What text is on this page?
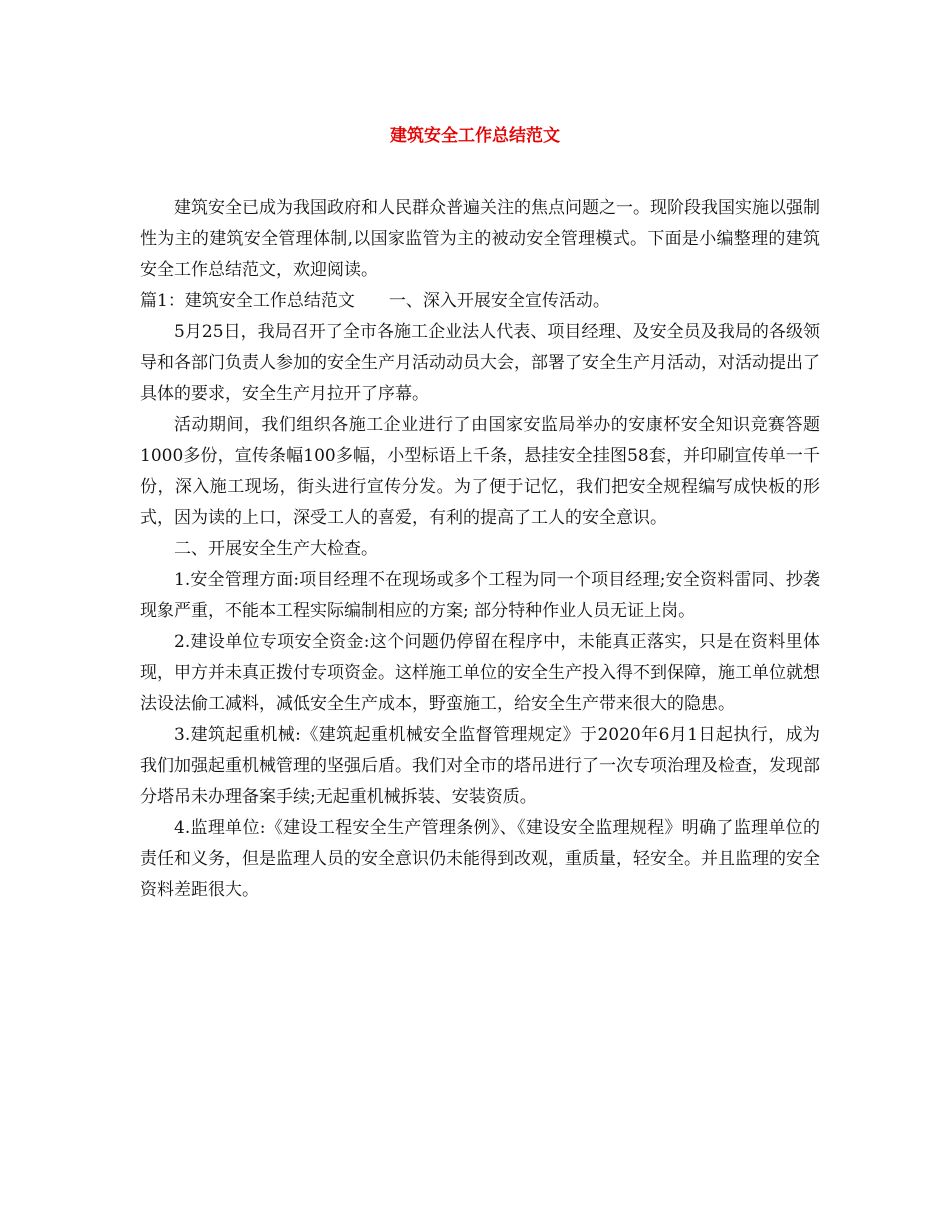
建筑安全工作总结范文

建筑安全已成为我国政府和人民群众普遍关注的焦点问题之一。现阶段我国实施以强制性为主的建筑安全管理体制,以国家监管为主的被动安全管理模式。下面是小编整理的建筑安全工作总结范文，欢迎阅读。

篇1：建筑安全工作总结范文　　一、深入开展安全宣传活动。

5月25日，我局召开了全市各施工企业法人代表、项目经理、及安全员及我局的各级领导和各部门负责人参加的安全生产月活动动员大会，部署了安全生产月活动，对活动提出了具体的要求，安全生产月拉开了序幕。

活动期间，我们组织各施工企业进行了由国家安监局举办的安康杯安全知识竞赛答题1000多份，宣传条幅100多幅，小型标语上千条，悬挂安全挂图58套，并印刷宣传单一千份，深入施工现场，街头进行宣传分发。为了便于记忆，我们把安全规程编写成快板的形式，因为读的上口，深受工人的喜爱，有利的提高了工人的安全意识。

二、开展安全生产大检查。

1.安全管理方面:项目经理不在现场或多个工程为同一个项目经理;安全资料雷同、抄袭现象严重，不能本工程实际编制相应的方案; 部分特种作业人员无证上岗。

2.建设单位专项安全资金:这个问题仍停留在程序中，未能真正落实，只是在资料里体现，甲方并未真正拨付专项资金。这样施工单位的安全生产投入得不到保障，施工单位就想法设法偷工减料，减低安全生产成本，野蛮施工，给安全生产带来很大的隐患。

3.建筑起重机械:《建筑起重机械安全监督管理规定》于2020年6月1日起执行，成为我们加强起重机械管理的坚强后盾。我们对全市的塔吊进行了一次专项治理及检查，发现部分塔吊未办理备案手续;无起重机械拆装、安装资质。

4.监理单位:《建设工程安全生产管理条例》、《建设安全监理规程》明确了监理单位的责任和义务，但是监理人员的安全意识仍未能得到改观，重质量，轻安全。并且监理的安全资料差距很大。
